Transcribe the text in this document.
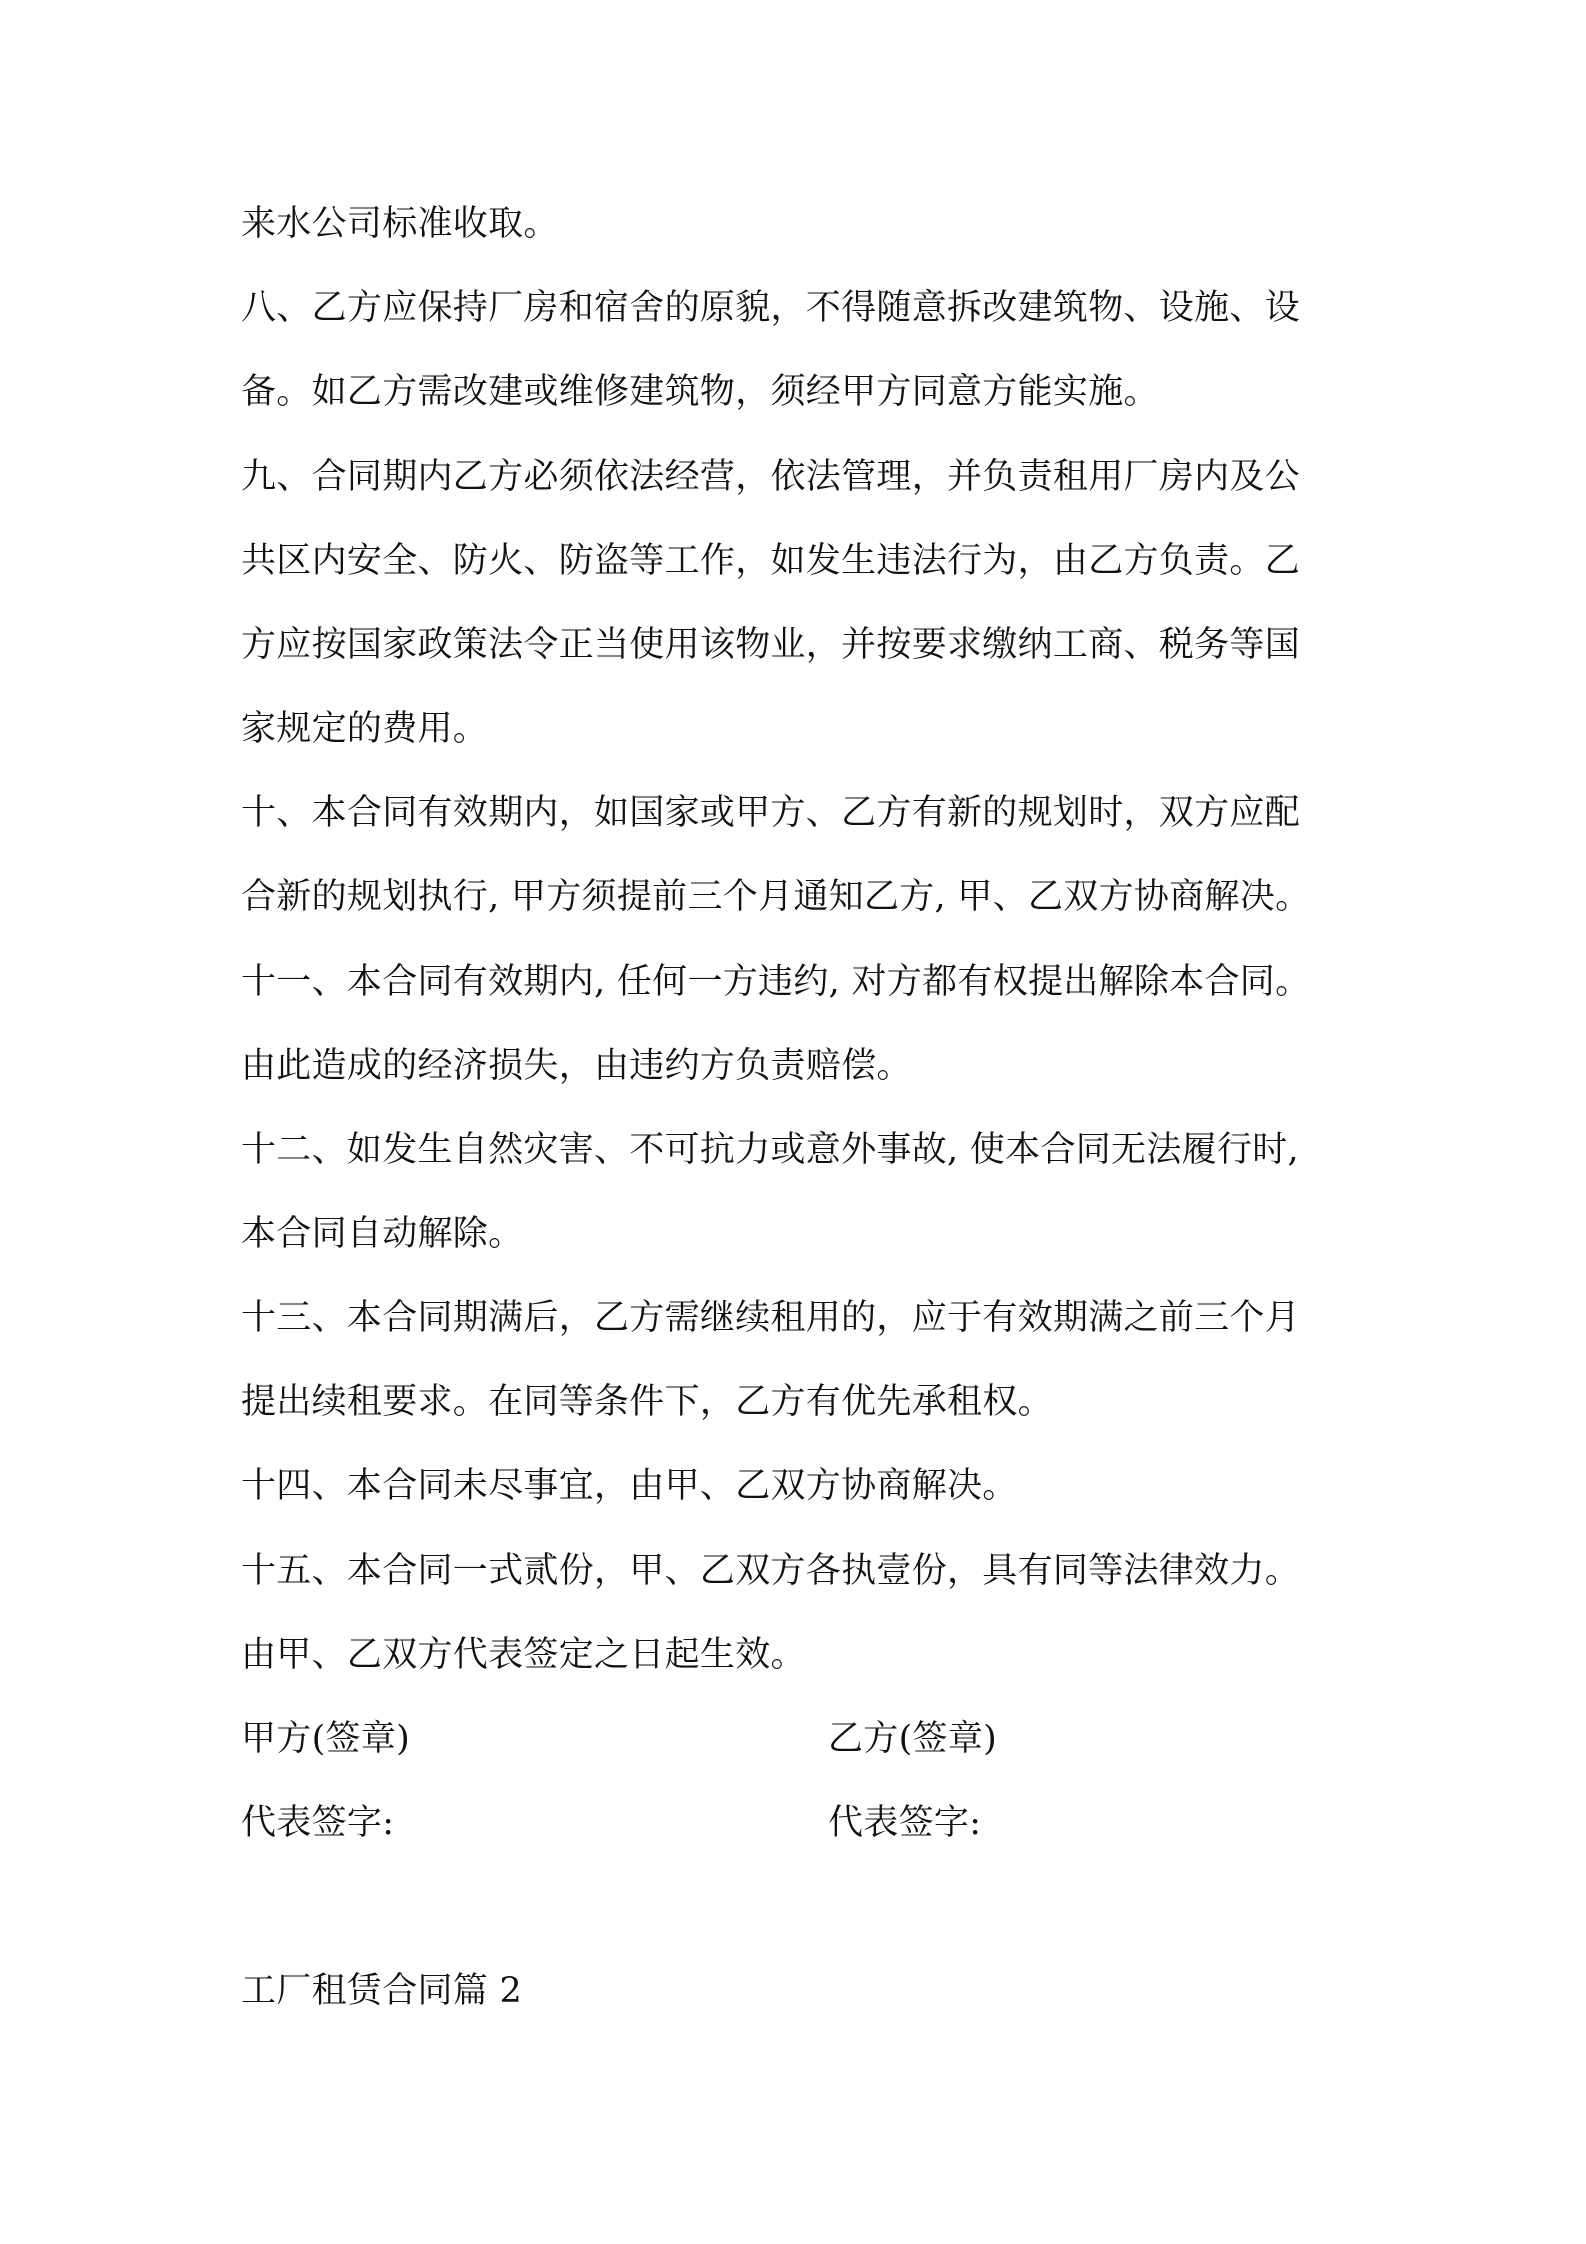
来水公司标准收取。
八、乙方应保持厂房和宿舍的原貌，不得随意拆改建筑物、设施、设
备。如乙方需改建或维修建筑物，须经甲方同意方能实施。
九、合同期内乙方必须依法经营，依法管理，并负责租用厂房内及公
共区内安全、防火、防盗等工作，如发生违法行为，由乙方负责。乙
方应按国家政策法令正当使用该物业，并按要求缴纳工商、税务等国
家规定的费用。
十、本合同有效期内，如国家或甲方、乙方有新的规划时，双方应配
合新的规划执行, 甲方须提前三个月通知乙方, 甲、乙双方协商解决。
十一、本合同有效期内, 任何一方违约, 对方都有权提出解除本合同。
由此造成的经济损失，由违约方负责赔偿。
十二、如发生自然灾害、不可抗力或意外事故, 使本合同无法履行时,
本合同自动解除。
十三、本合同期满后，乙方需继续租用的，应于有效期满之前三个月
提出续租要求。在同等条件下，乙方有优先承租权。
十四、本合同未尽事宜，由甲、乙双方协商解决。
十五、本合同一式贰份，甲、乙双方各执壹份，具有同等法律效力。
由甲、乙双方代表签定之日起生效。
甲方(签章)	乙方(签章)
代表签字:	代表签字:
工厂租赁合同篇 2
